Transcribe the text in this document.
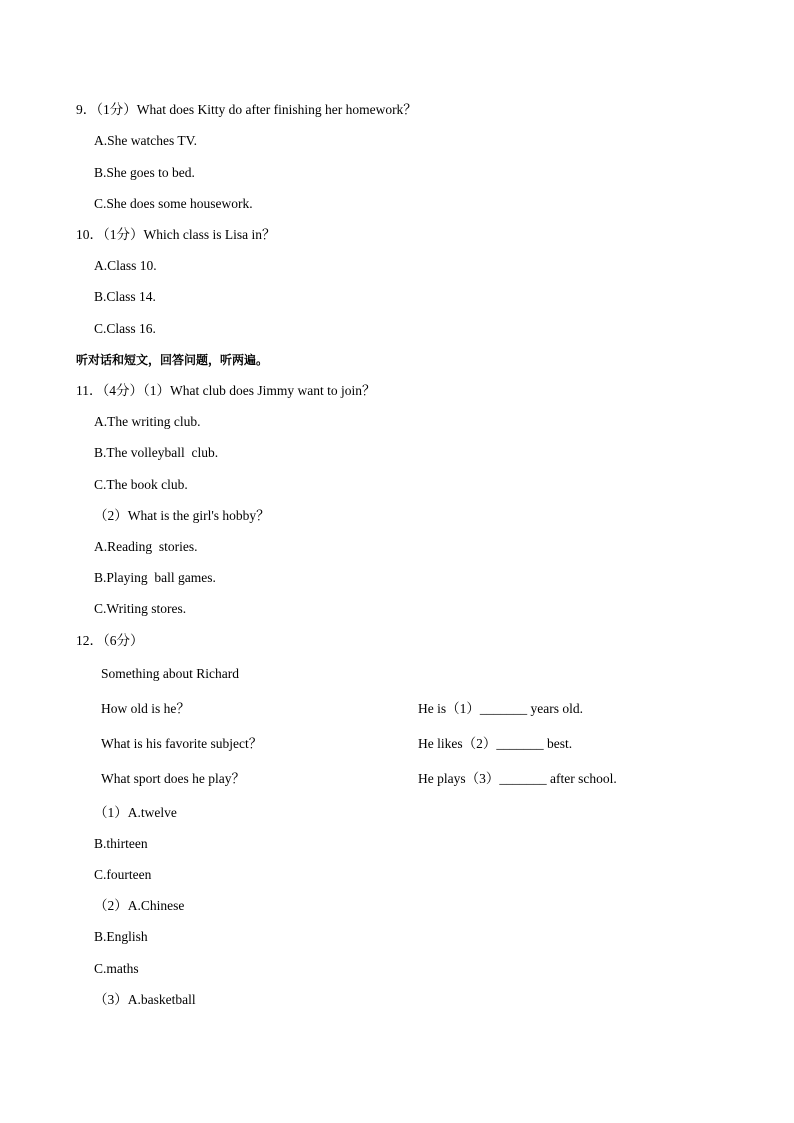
9．（1分）What does Kitty do after finishing her homework？
A.She watches TV.
B.She goes to bed.
C.She does some housework.
10．（1分）Which class is Lisa in？
A.Class 10.
B.Class 14.
C.Class 16.
听对话和短文，回答问题，听两遍。
11．（4分）（1）What club does Jimmy want to join？
A.The writing club.
B.The volleyball  club.
C.The book club.
（2）What is the girl's hobby？
A.Reading  stories.
B.Playing  ball games.
C.Writing stores.
12．（6分）
Something about Richard
How old is he？	He is（1）_______ years old.
What is his favorite subject？	He likes（2）_______ best.
What sport does he play？	He plays（3）_______ after school.
（1）A.twelve
B.thirteen
C.fourteen
（2）A.Chinese
B.English
C.maths
（3）A.basketball
